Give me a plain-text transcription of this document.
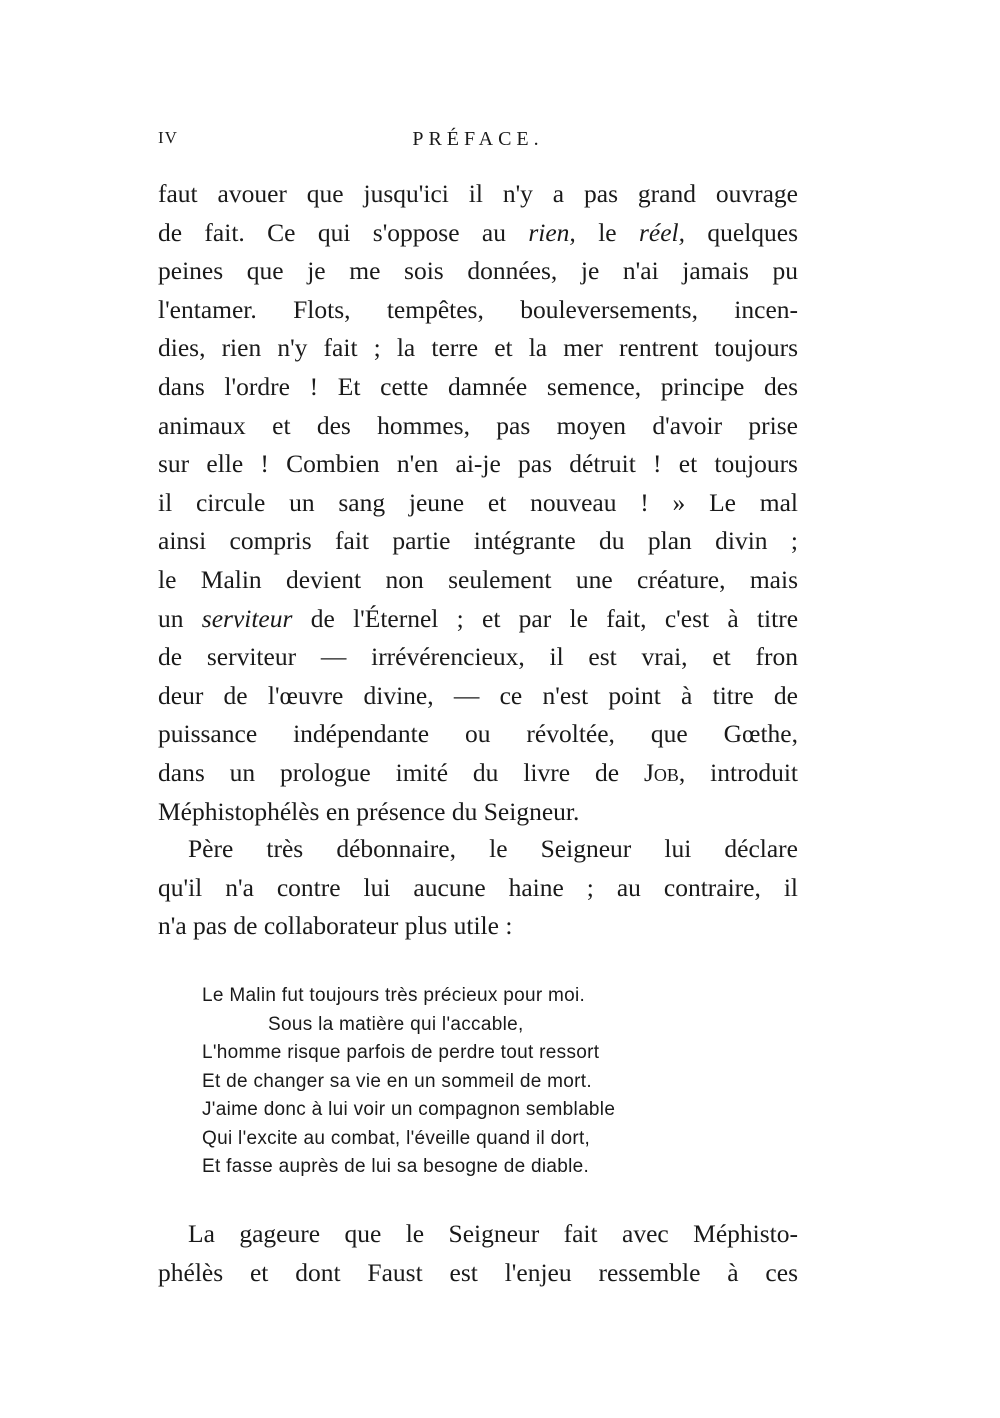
IV	PRÉFACE.
faut avouer que jusqu'ici il n'y a pas grand ouvrage
de fait. Ce qui s'oppose au rien, le réel, quelques
peines que je me sois données, je n'ai jamais pu
l'entamer. Flots, tempêtes, bouleversements, incen-
dies, rien n'y fait ; la terre et la mer rentrent toujours
dans l'ordre ! Et cette damnée semence, principe des
animaux et des hommes, pas moyen d'avoir prise
sur elle ! Combien n'en ai-je pas détruit ! et toujours
il circule un sang jeune et nouveau ! » Le mal
ainsi compris fait partie intégrante du plan divin ;
le Malin devient non seulement une créature, mais
un serviteur de l'Éternel ; et par le fait, c'est à titre
de serviteur — irrévérencieux, il est vrai, et fron
deur de l'œuvre divine, — ce n'est point à titre de
puissance indépendante ou révoltée, que Gœthe,
dans un prologue imité du livre de Job, introduit
Méphistophélès en présence du Seigneur.
Père très débonnaire, le Seigneur lui déclare
qu'il n'a contre lui aucune haine ; au contraire, il
n'a pas de collaborateur plus utile :
Le Malin fut toujours très précieux pour moi.
Sous la matière qui l'accable,
L'homme risque parfois de perdre tout ressort
Et de changer sa vie en un sommeil de mort.
J'aime donc à lui voir un compagnon semblable
Qui l'excite au combat, l'éveille quand il dort,
Et fasse auprès de lui sa besogne de diable.
La gageure que le Seigneur fait avec Méphisto-
phélès et dont Faust est l'enjeu ressemble à ces
